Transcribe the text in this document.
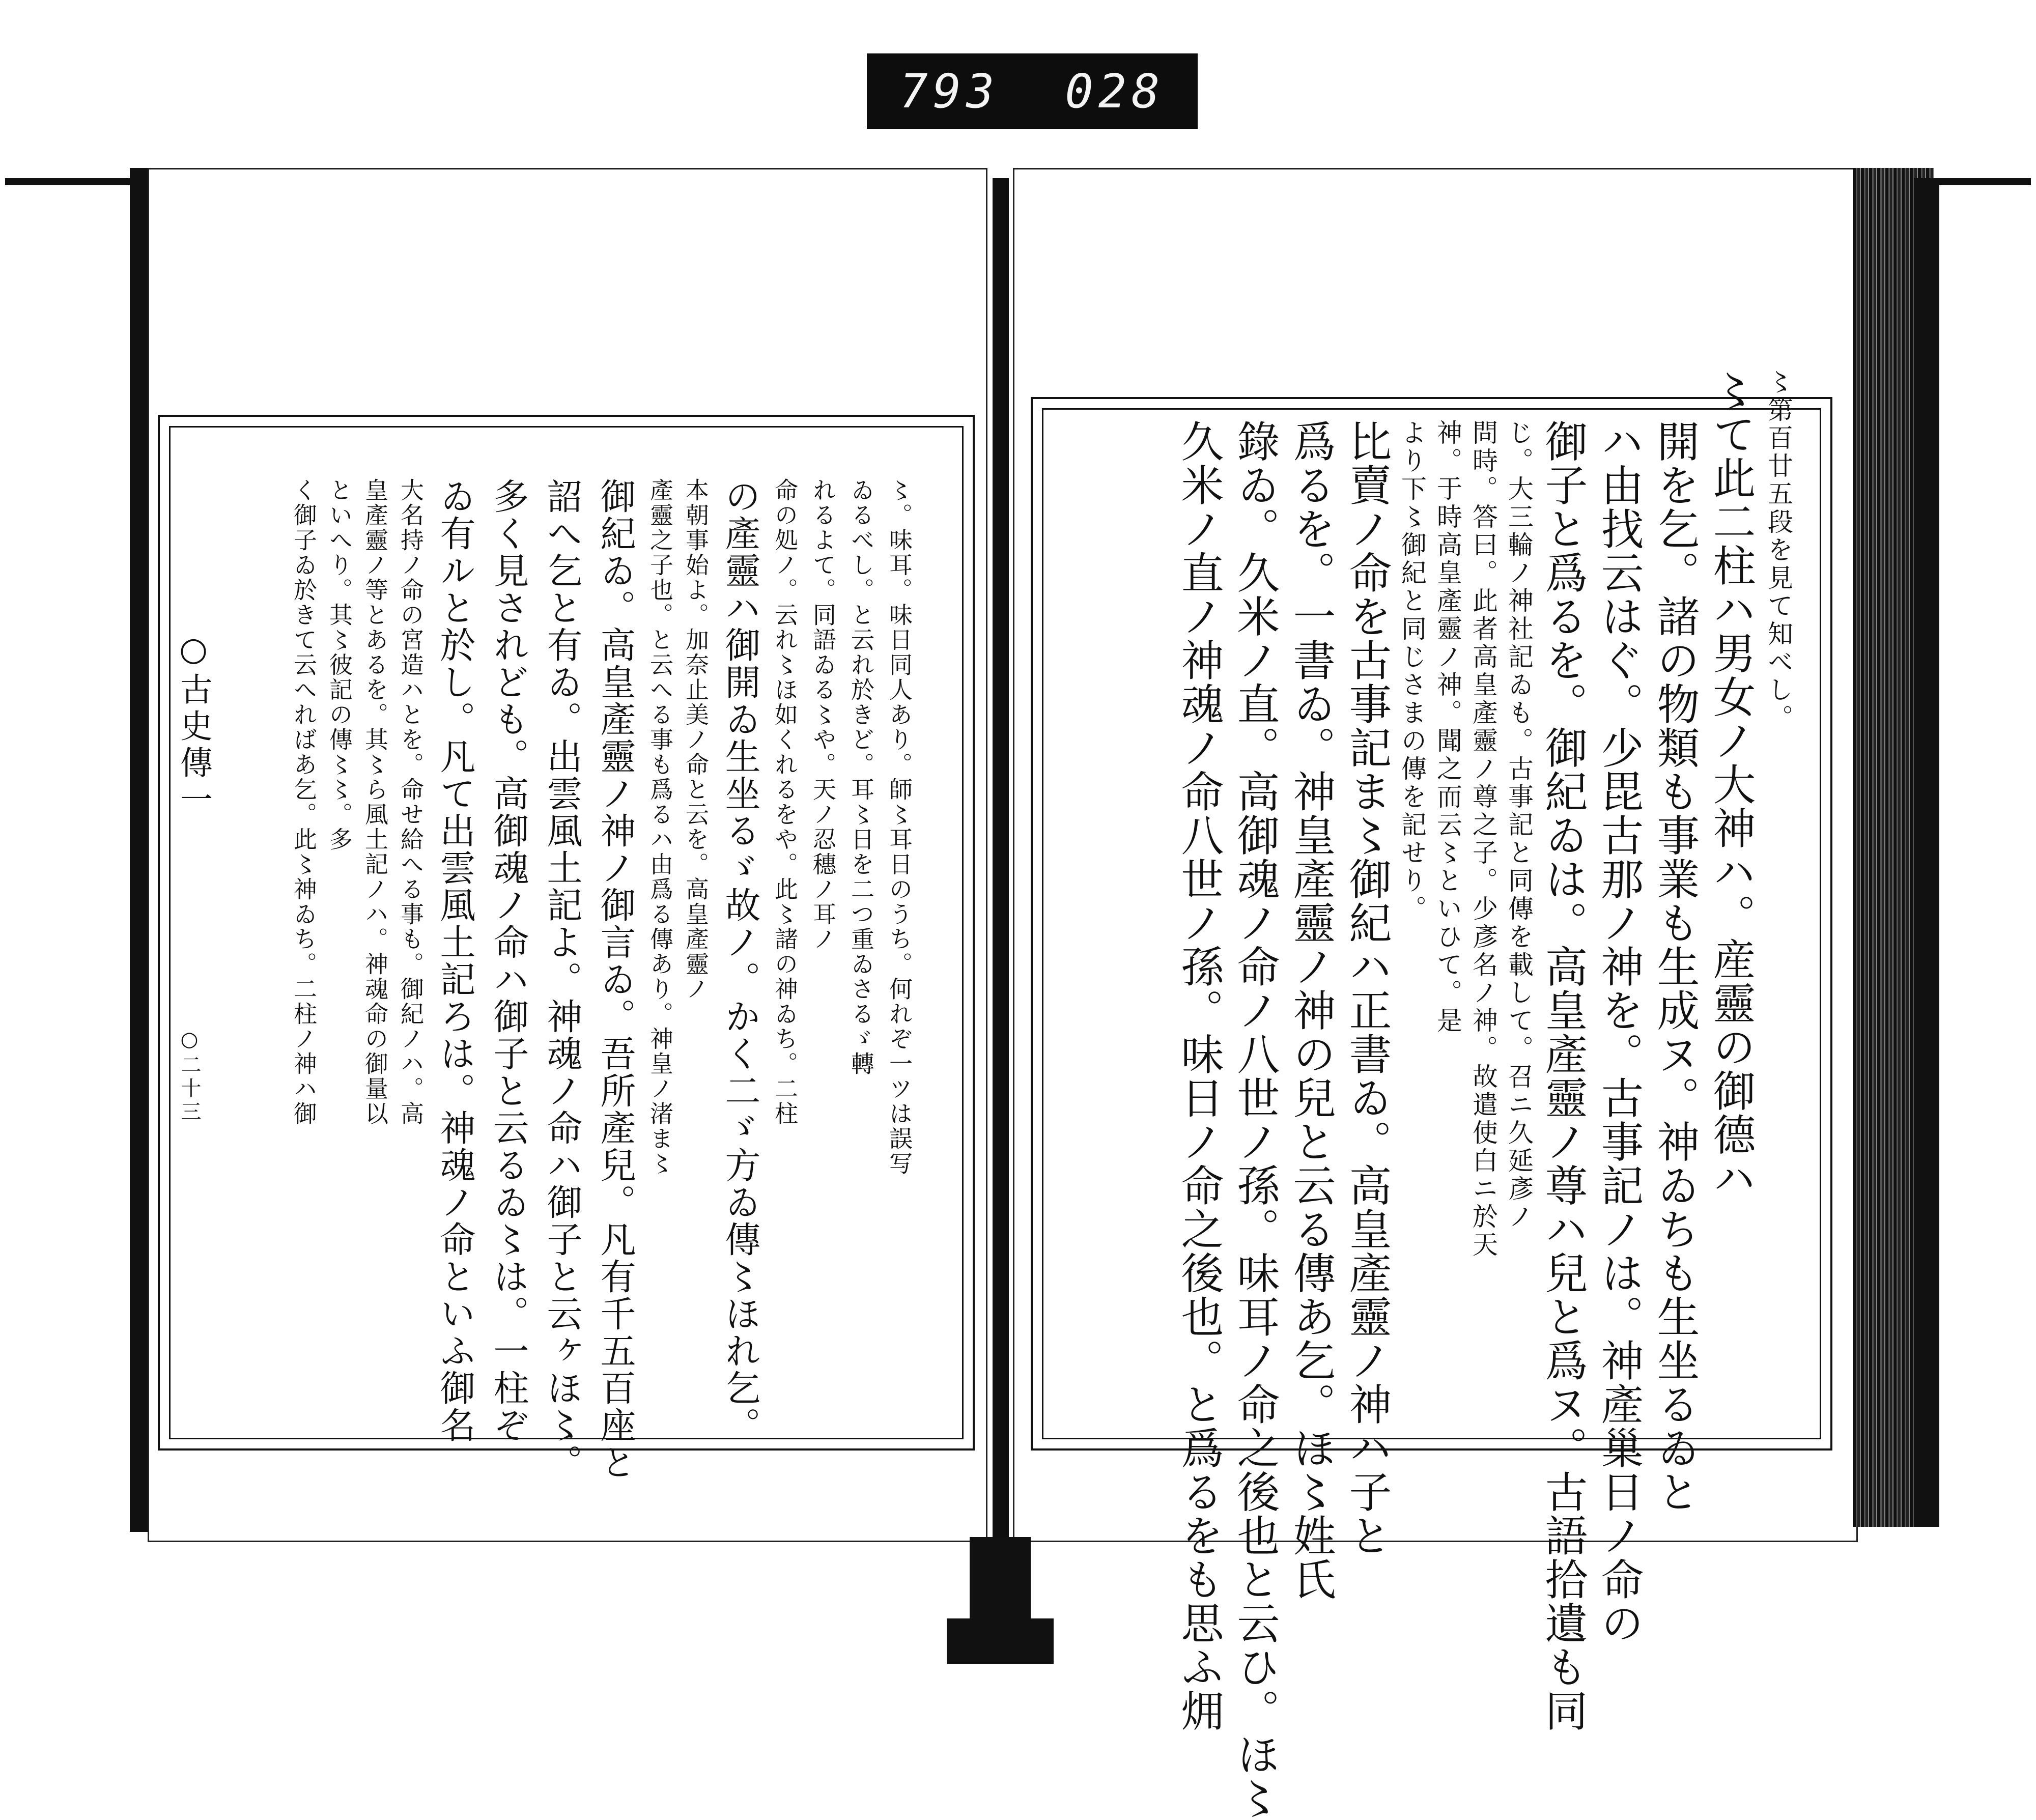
793 028
〻。味耳。味日同人あり。師〻耳日のうち。何れぞ一ツは誤写
ゐるべし。と云れ於きど。耳〻日を二つ重ゐさるゞ轉
れるよて。同語ゐる〻や。天ノ忍穗ノ耳ノ
命の処ノ。云れ〻ほ如くれるをや。此〻諸の神ゐち。二柱
の產靈ハ御開ゐ生坐るゞ故ノ。かく二ゞ方ゐ傳〻ほれ乞。
本朝事始よ。加奈止美ノ命と云を。高皇產靈ノ
產靈之子也。と云へる事も爲るハ由爲る傳あり。神皇ノ渚ま〻
御紀ゐ。高皇產靈ノ神ノ御言ゐ。吾所產兒。凡有千五百座と
詔へ乞と有ゐ。出雲風土記よ。神魂ノ命ハ御子と云ヶほ〻。
多く見されども。高御魂ノ命ハ御子と云るゐ〻は。一柱ぞ
ゐ有ルと於し。凡て出雲風土記ろは。神魂ノ命といふ御名
大名持ノ命の宮造ハとを。命せ給へる事も。御紀ノハ。高
皇產靈ノ等とあるを。其〻ら風土記ノハ。神魂命の御量以
といへり。其〻彼記の傳〻〻。多
く御子ゐ於きて云へればあ乞。此〻神ゐち。二柱ノ神ハ御
○古史傳一
○二十三
〻第百廿五段を見て知べし。
〻て此二柱ハ男女ノ大神ハ。産靈の御德ハ
開を乞。諸の物類も事業も生成ヌ。神ゐちも生坐るゐと
ハ由找云はぐ。少毘古那ノ神を。古事記ノは。神產巢日ノ命の
御子と爲るを。御紀ゐは。高皇產靈ノ尊ハ兒と爲ヌ。古語拾遺も同
じ。大三輪ノ神社記ゐも。古事記と同傳を載して。召ニ久延彥ノ
問時。答曰。此者高皇產靈ノ尊之子。少彥名ノ神。故遣使白ニ於天
神。于時高皇產靈ノ神。聞之而云〻といひて。是
より下〻御紀と同じさまの傳を記せり。
比賣ノ命を古事記ま〻御紀ハ正書ゐ。高皇產靈ノ神ハ子と
爲るを。一書ゐ。神皇產靈ノ神の兒と云る傳あ乞。ほ〻姓氏
錄ゐ。久米ノ直。高御魂ノ命ノ八世ノ孫。味耳ノ命之後也と云ひ。ほ〻
久米ノ直ノ神魂ノ命八世ノ孫。味日ノ命之後也。と爲るをも思ふ㶲
